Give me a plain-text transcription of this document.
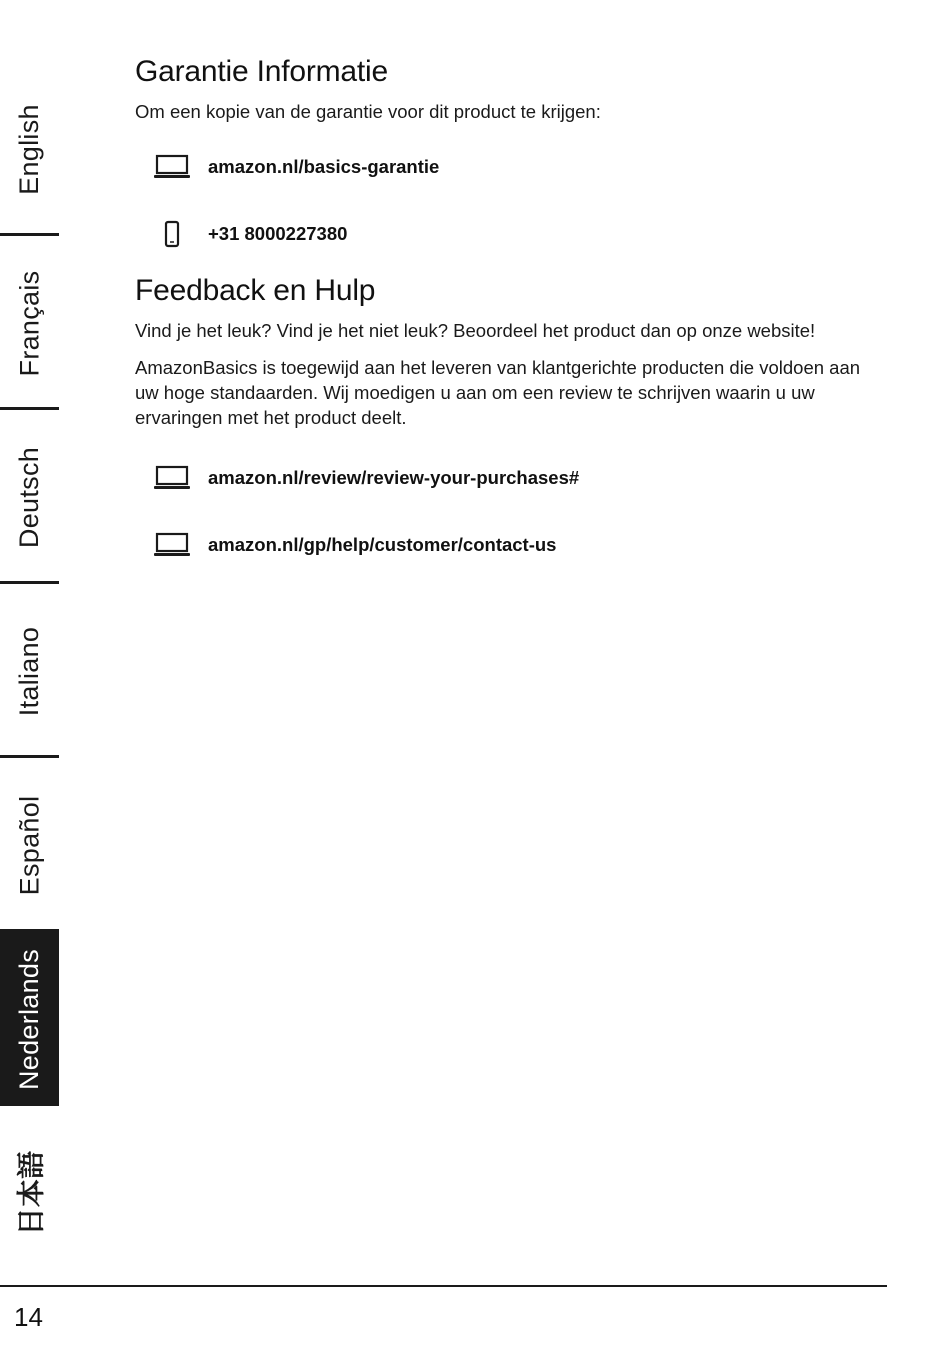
English
Français
Deutsch
Italiano
Español
Nederlands
日本語
Garantie Informatie

Om een kopie van de garantie voor dit product te krijgen:

amazon.nl/basics-garantie
+31 8000227380
Feedback en Hulp

Vind je het leuk? Vind je het niet leuk? Beoordeel het product dan op onze website!

AmazonBasics is toegewijd aan het leveren van klantgerichte producten die voldoen aan uw hoge standaarden. Wij moedigen u aan om een review te schrijven waarin u uw ervaringen met het product deelt.

amazon.nl/review/review-your-purchases#
amazon.nl/gp/help/customer/contact-us
14
